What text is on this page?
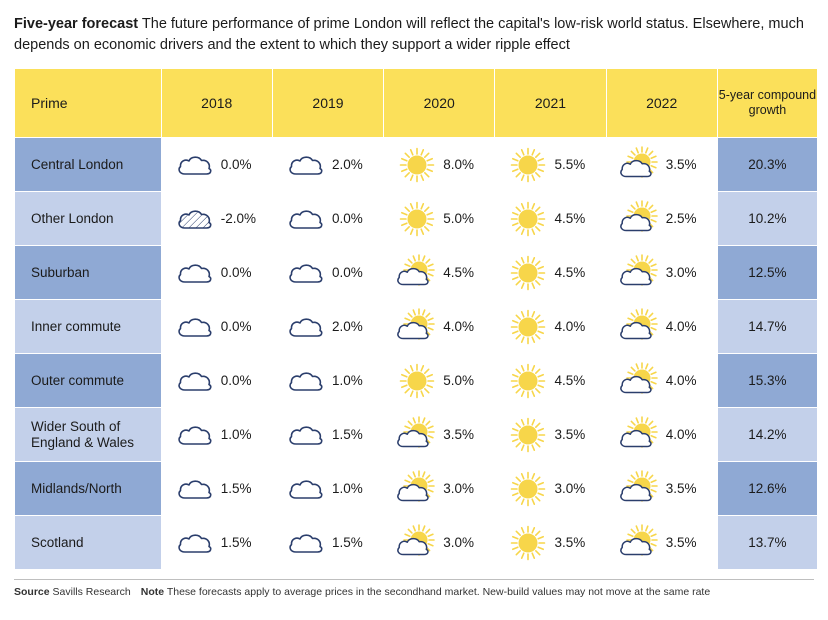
Five-year forecast The future performance of prime London will reflect the capital's low-risk world status. Elsewhere, much depends on economic drivers and the extent to which they support a wider ripple effect
Prime	2018	2019	2020	2021	2022	5-year compound growth
Central London	0.0%	2.0%	8.0%	5.5%	3.5%	20.3%
Other London	-2.0%	0.0%	5.0%	4.5%	2.5%	10.2%
Suburban	0.0%	0.0%	4.5%	4.5%	3.0%	12.5%
Inner commute	0.0%	2.0%	4.0%	4.0%	4.0%	14.7%
Outer commute	0.0%	1.0%	5.0%	4.5%	4.0%	15.3%
Wider South of England & Wales	1.0%	1.5%	3.5%	3.5%	4.0%	14.2%
Midlands/North	1.5%	1.0%	3.0%	3.0%	3.5%	12.6%
Scotland	1.5%	1.5%	3.0%	3.5%	3.5%	13.7%
Source Savills Research Note These forecasts apply to average prices in the secondhand market. New-build values may not move at the same rate
